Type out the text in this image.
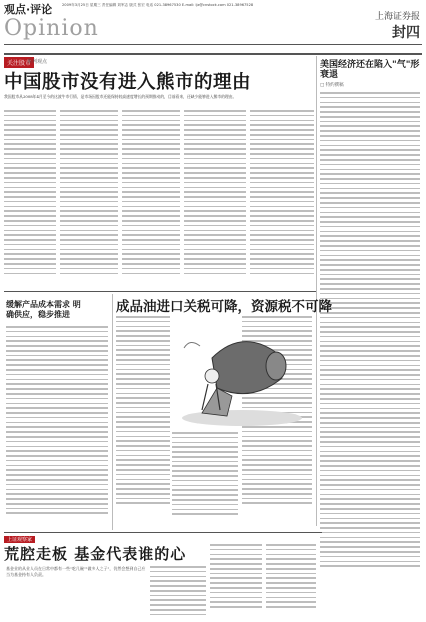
观点·评论
Opinion
2009年3月25日 星期三 责任编辑 刘军志 版式 张宏 电话 021-38967530 E-mail: ljz@cnstock.com 021-38967528
上海证券报
封四
关注股市
系列观点
中国股市没有进入熊市的理由
我国股市从2008年4月至今的这波牛市行情，是市场因股市还能保持较高速度增长的预期推动的，目前看来，还缺少能够进入熊市的理由。
美国经济还在陷入"气"形衰退
□ 特约撰稿
缓解产品成本需求 明确供应，稳步推进	成品油进口关税可降，资源税不可降
上证观察家
荒腔走板 基金代表谁的心
基金业的从业人员在日常中都有一些"吃几碗""做多人之子"，仍然会想到自己应当为基金持有人负责。
